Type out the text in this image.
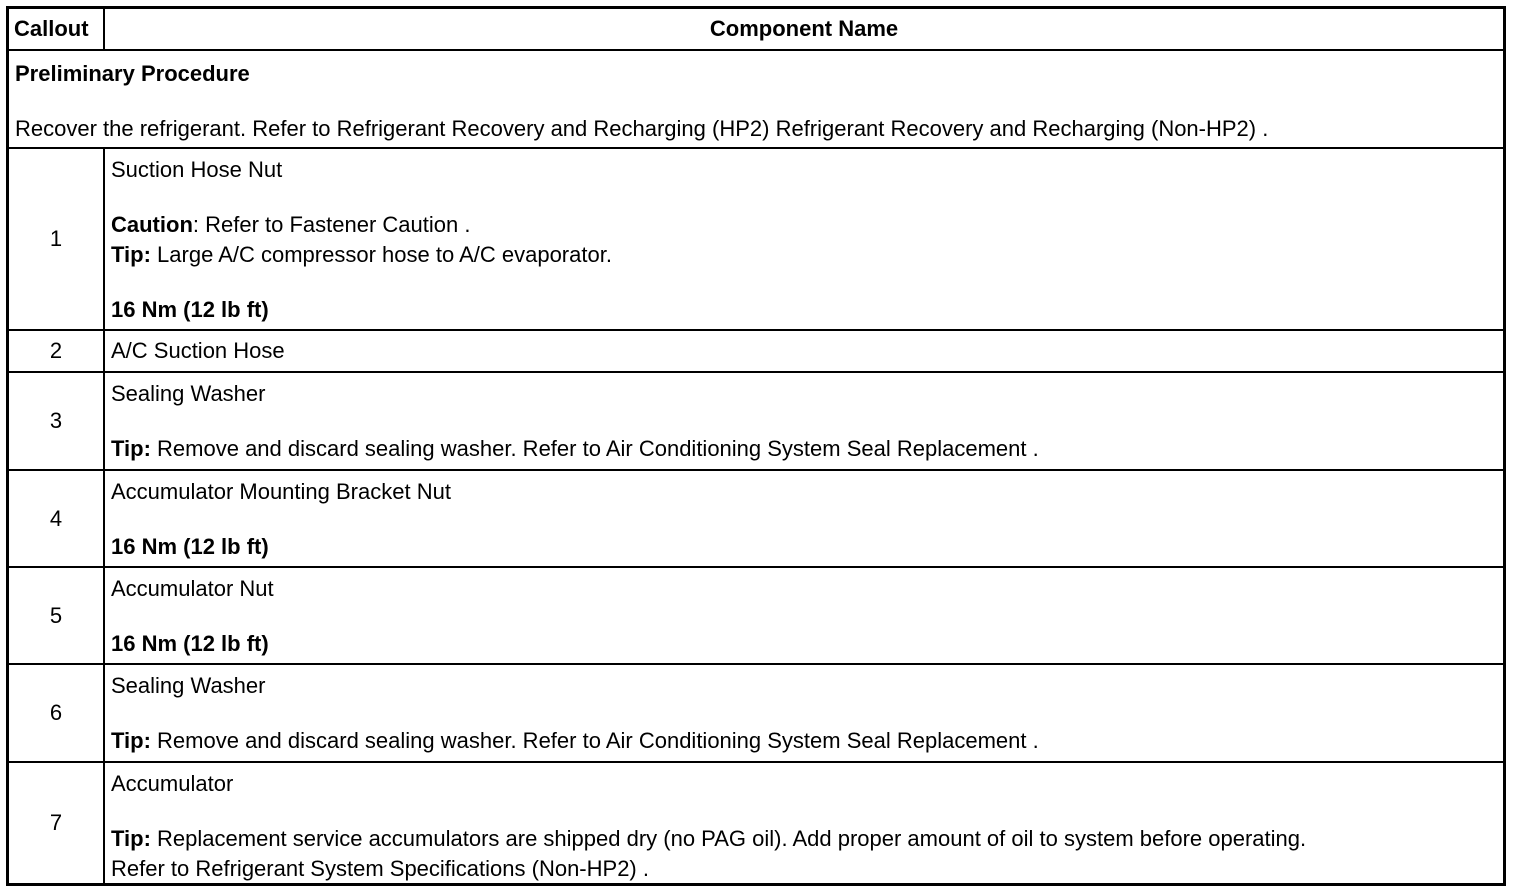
Callout	Component Name
Preliminary Procedure
Recover the refrigerant. Refer to Refrigerant Recovery and Recharging (HP2) Refrigerant Recovery and Recharging (Non-HP2) .
1
Suction Hose Nut
Caution: Refer to Fastener Caution .
Tip: Large A/C compressor hose to A/C evaporator.
16 Nm (12 lb ft)
2	A/C Suction Hose
3
Sealing Washer
Tip: Remove and discard sealing washer. Refer to Air Conditioning System Seal Replacement .
4
Accumulator Mounting Bracket Nut
16 Nm (12 lb ft)
5
Accumulator Nut
16 Nm (12 lb ft)
6
Sealing Washer
Tip: Remove and discard sealing washer. Refer to Air Conditioning System Seal Replacement .
7
Accumulator
Tip: Replacement service accumulators are shipped dry (no PAG oil). Add proper amount of oil to system before operating.
Refer to Refrigerant System Specifications (Non-HP2) .
